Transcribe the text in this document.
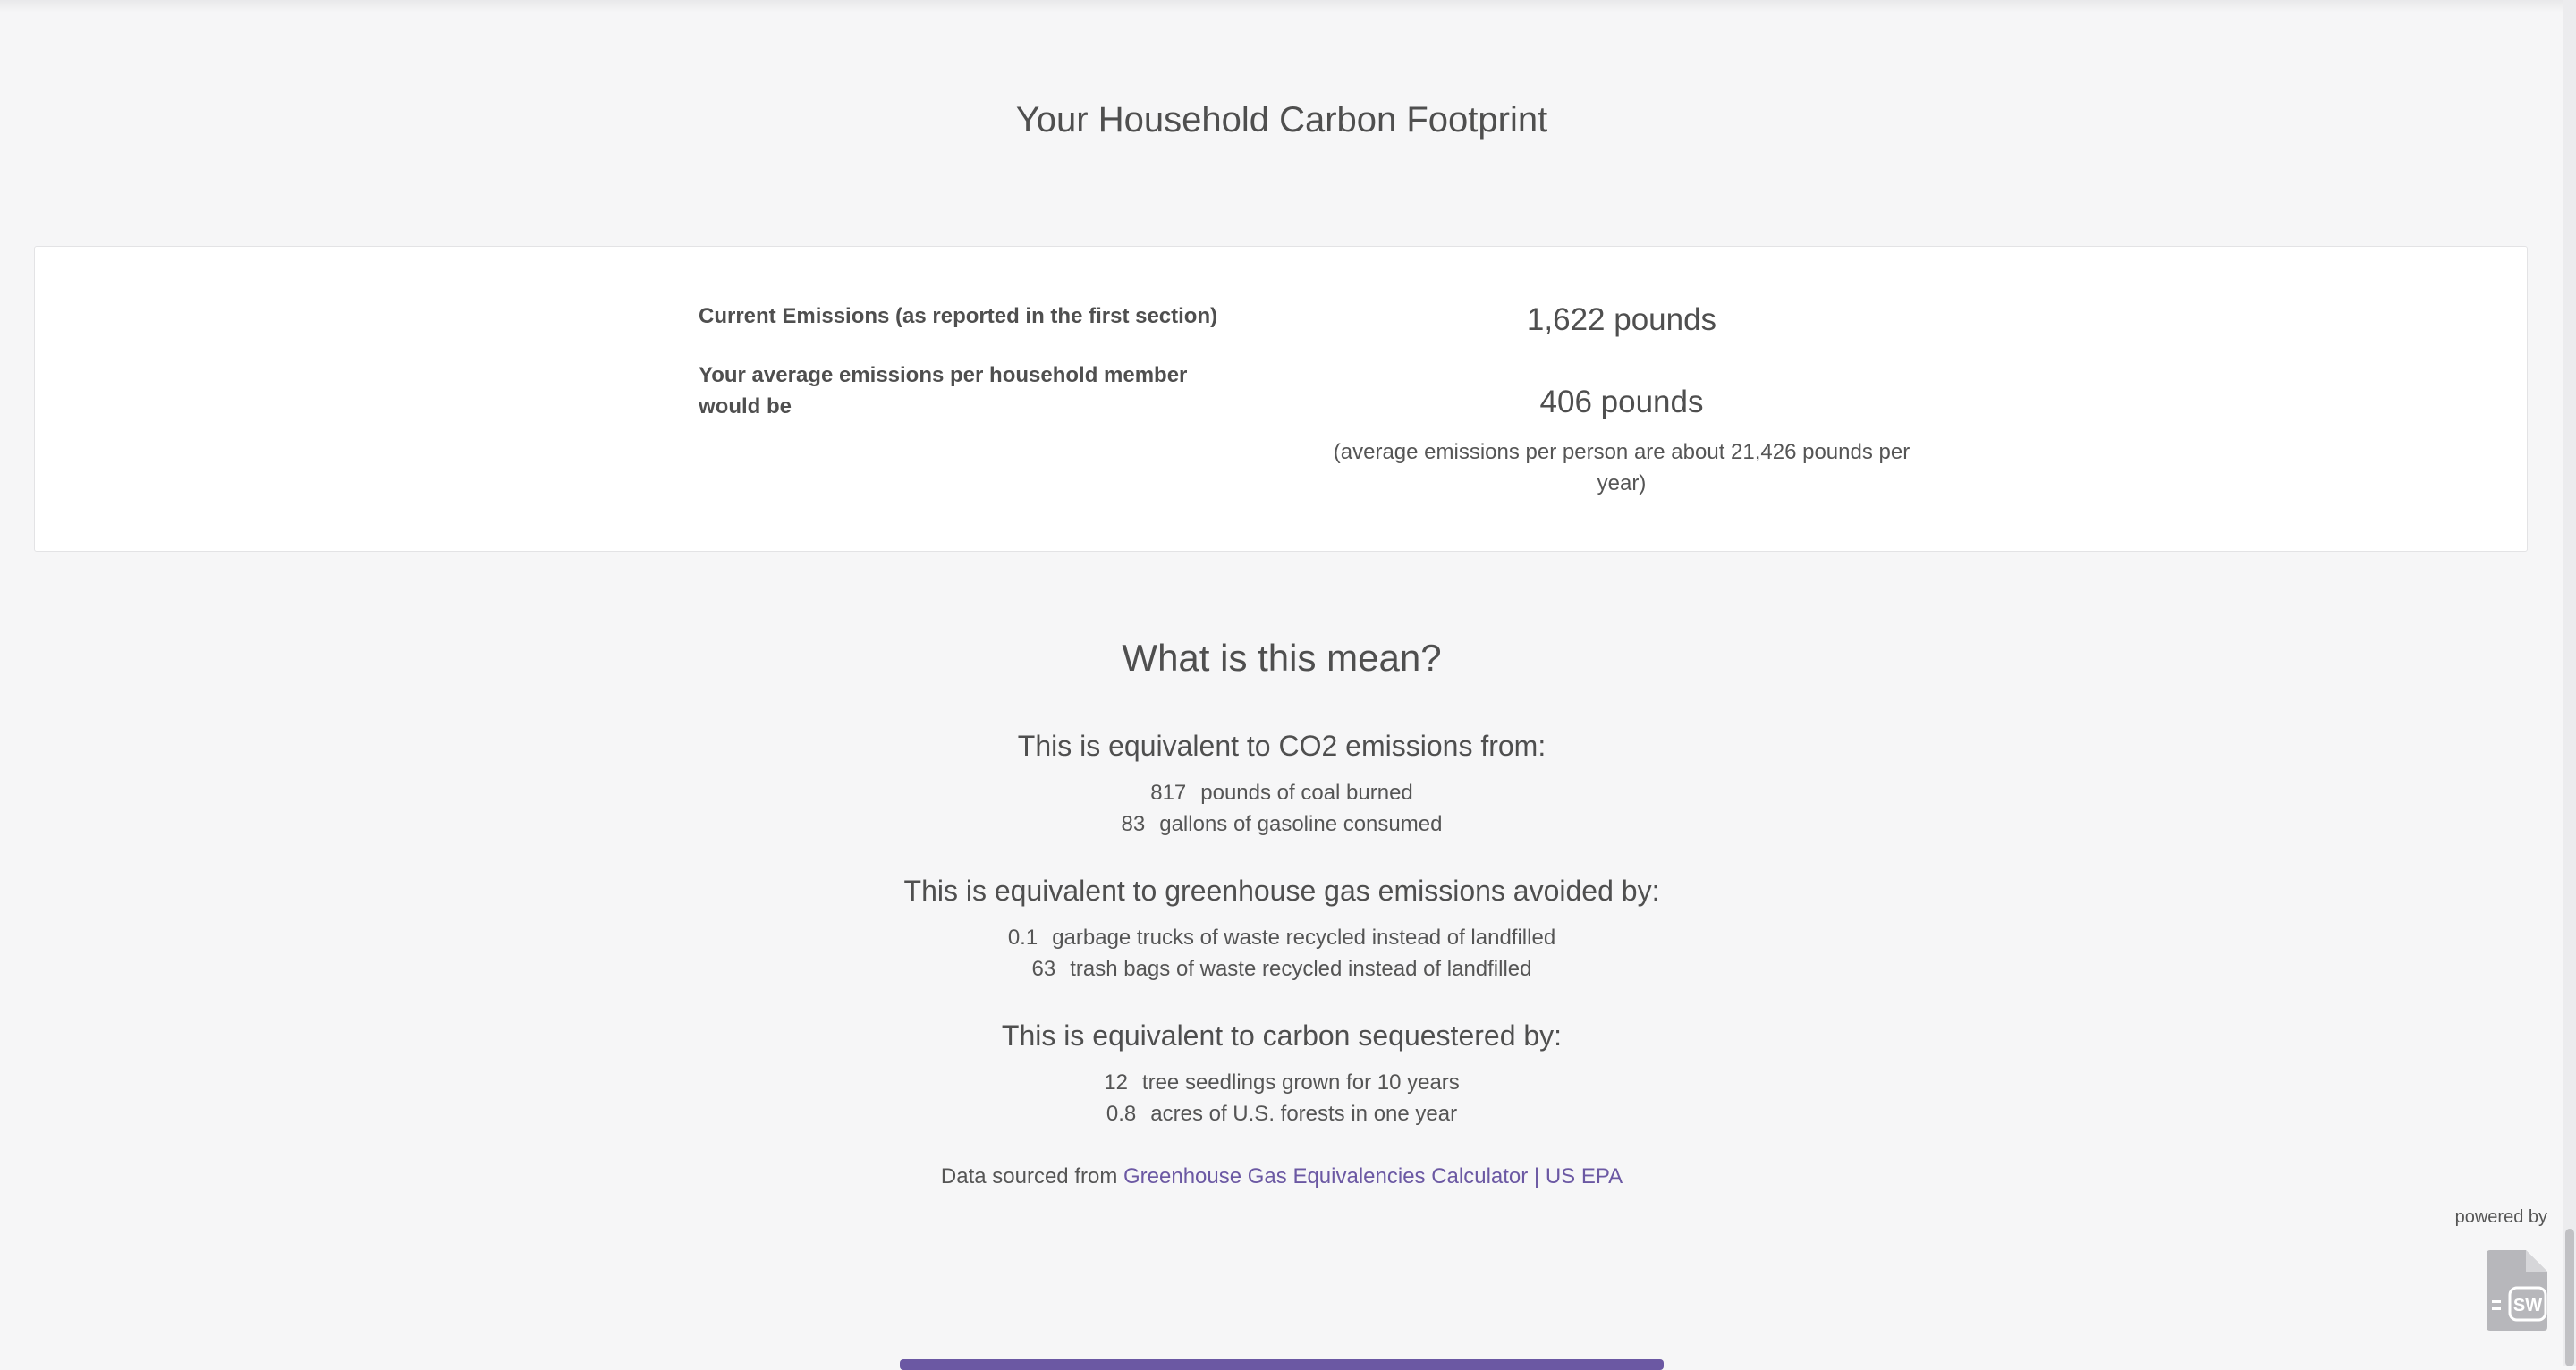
Your Household Carbon Footprint
Current Emissions (as reported in the first section)	1,622 pounds
Your average emissions per household member would be	406 pounds
(average emissions per person are about 21,426 pounds per year)
What is this mean?
This is equivalent to CO2 emissions from:
817 pounds of coal burned
83 gallons of gasoline consumed
This is equivalent to greenhouse gas emissions avoided by:
0.1 garbage trucks of waste recycled instead of landfilled
63 trash bags of waste recycled instead of landfilled
This is equivalent to carbon sequestered by:
12 tree seedlings grown for 10 years
0.8 acres of U.S. forests in one year
Data sourced from Greenhouse Gas Equivalencies Calculator | US EPA
powered by
SW
